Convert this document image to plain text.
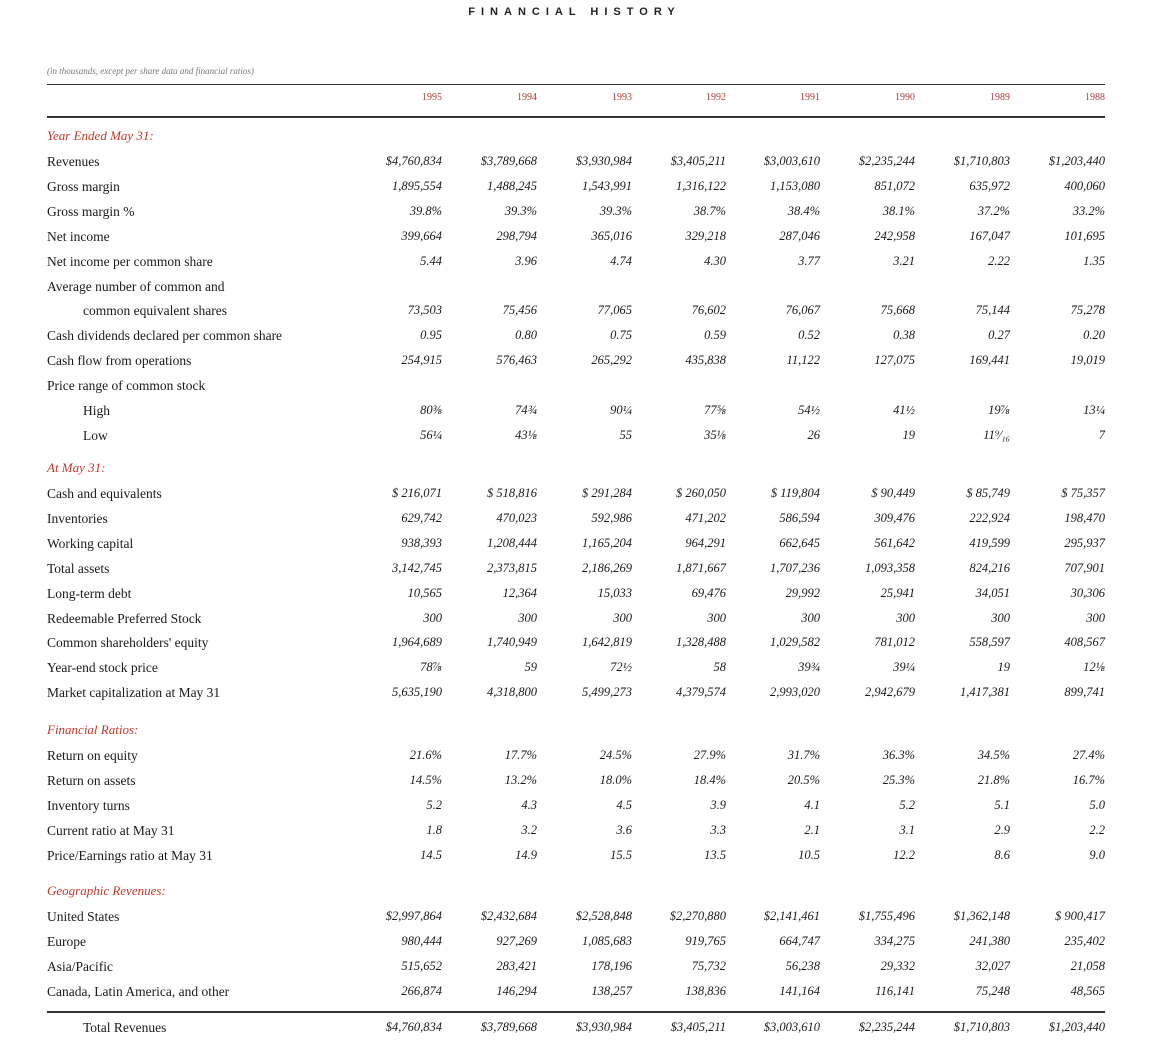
FINANCIAL HISTORY
(in thousands, except per share data and financial ratios)
1995	1994	1993	1992	1991	1990	1989	1988
Year Ended May 31:
Revenues	$4,760,834	$3,789,668	$3,930,984	$3,405,211	$3,003,610	$2,235,244	$1,710,803	$1,203,440
Gross margin	1,895,554	1,488,245	1,543,991	1,316,122	1,153,080	851,072	635,972	400,060
Gross margin %	39.8%	39.3%	39.3%	38.7%	38.4%	38.1%	37.2%	33.2%
Net income	399,664	298,794	365,016	329,218	287,046	242,958	167,047	101,695
Net income per common share	5.44	3.96	4.74	4.30	3.77	3.21	2.22	1.35
Average number of common and
common equivalent shares	73,503	75,456	77,065	76,602	76,067	75,668	75,144	75,278
Cash dividends declared per common share	0.95	0.80	0.75	0.59	0.52	0.38	0.27	0.20
Cash flow from operations	254,915	576,463	265,292	435,838	11,122	127,075	169,441	19,019
Price range of common stock
High	80⅜	74¾	90¼	77⅝	54½	41½	19⅞	13¼
Low	56¼	43⅛	55	35⅛	26	19	11⁹⁄₁₆	7
At May 31:
Cash and equivalents	$ 216,071	$ 518,816	$ 291,284	$ 260,050	$ 119,804	$ 90,449	$ 85,749	$ 75,357
Inventories	629,742	470,023	592,986	471,202	586,594	309,476	222,924	198,470
Working capital	938,393	1,208,444	1,165,204	964,291	662,645	561,642	419,599	295,937
Total assets	3,142,745	2,373,815	2,186,269	1,871,667	1,707,236	1,093,358	824,216	707,901
Long-term debt	10,565	12,364	15,033	69,476	29,992	25,941	34,051	30,306
Redeemable Preferred Stock	300	300	300	300	300	300	300	300
Common shareholders' equity	1,964,689	1,740,949	1,642,819	1,328,488	1,029,582	781,012	558,597	408,567
Year-end stock price	78⅞	59	72½	58	39¾	39¼	19	12⅛
Market capitalization at May 31	5,635,190	4,318,800	5,499,273	4,379,574	2,993,020	2,942,679	1,417,381	899,741
Financial Ratios:
Return on equity	21.6%	17.7%	24.5%	27.9%	31.7%	36.3%	34.5%	27.4%
Return on assets	14.5%	13.2%	18.0%	18.4%	20.5%	25.3%	21.8%	16.7%
Inventory turns	5.2	4.3	4.5	3.9	4.1	5.2	5.1	5.0
Current ratio at May 31	1.8	3.2	3.6	3.3	2.1	3.1	2.9	2.2
Price/Earnings ratio at May 31	14.5	14.9	15.5	13.5	10.5	12.2	8.6	9.0
Geographic Revenues:
United States	$2,997,864	$2,432,684	$2,528,848	$2,270,880	$2,141,461	$1,755,496	$1,362,148	$ 900,417
Europe	980,444	927,269	1,085,683	919,765	664,747	334,275	241,380	235,402
Asia/Pacific	515,652	283,421	178,196	75,732	56,238	29,332	32,027	21,058
Canada, Latin America, and other	266,874	146,294	138,257	138,836	141,164	116,141	75,248	48,565
Total Revenues	$4,760,834	$3,789,668	$3,930,984	$3,405,211	$3,003,610	$2,235,244	$1,710,803	$1,203,440
